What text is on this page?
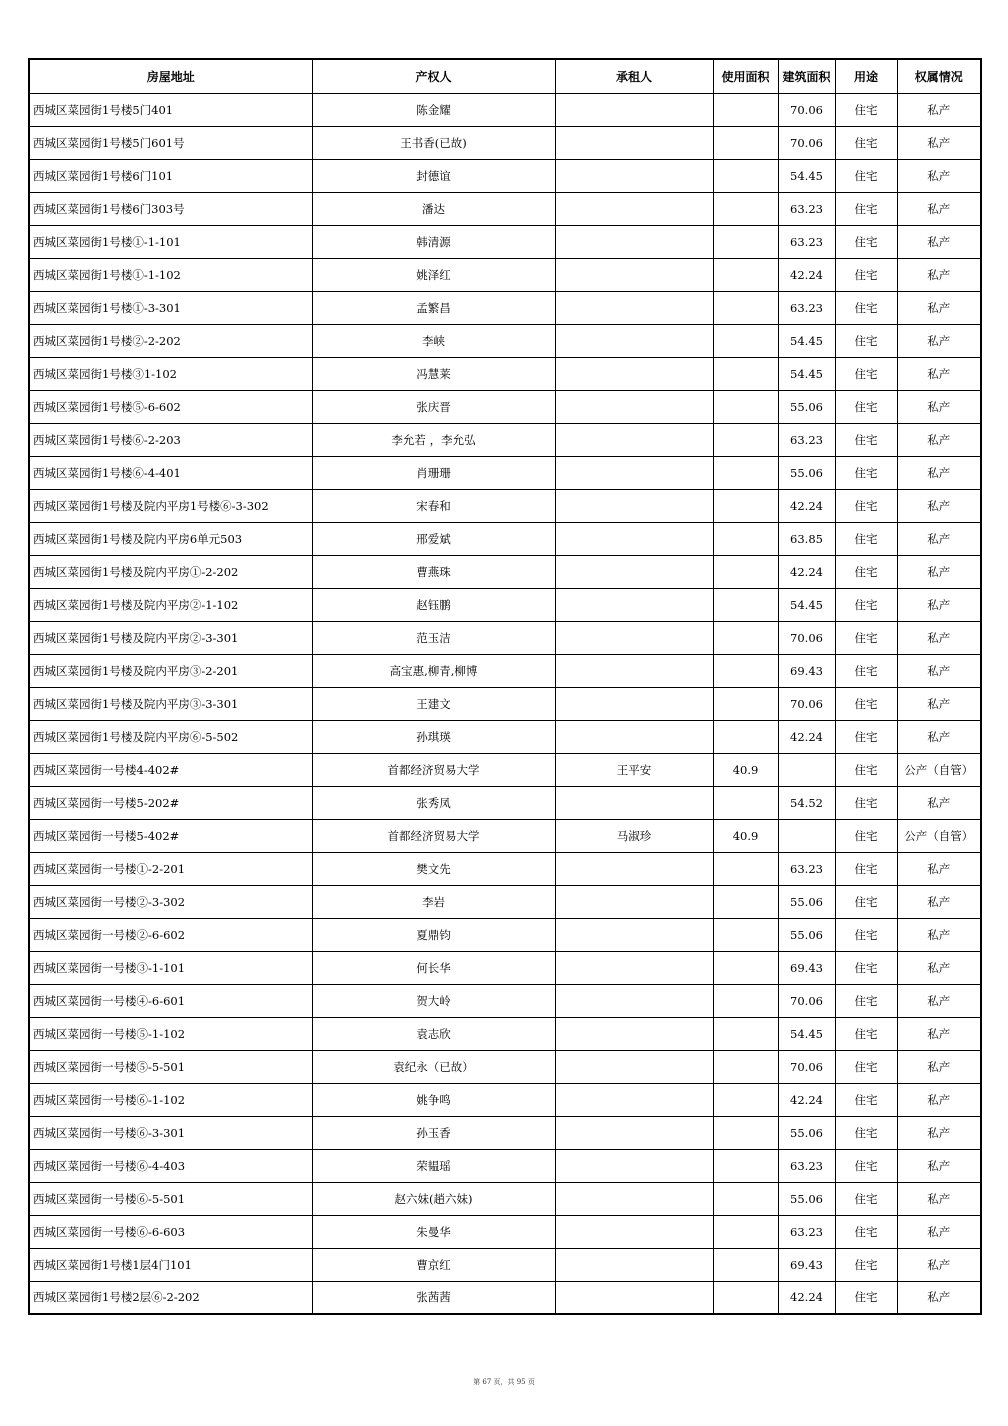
房屋地址	产权人	承租人	使用面积	建筑面积	用途	权属情况
西城区菜园街1号楼5门401	陈金耀			70.06	住宅	私产
西城区菜园街1号楼5门601号	王书香(已故)			70.06	住宅	私产
西城区菜园街1号楼6门101	封德谊			54.45	住宅	私产
西城区菜园街1号楼6门303号	潘达			63.23	住宅	私产
西城区菜园街1号楼①-1-101	韩清源			63.23	住宅	私产
西城区菜园街1号楼①-1-102	姚泽红			42.24	住宅	私产
西城区菜园街1号楼①-3-301	孟繁昌			63.23	住宅	私产
西城区菜园街1号楼②-2-202	李峡			54.45	住宅	私产
西城区菜园街1号楼③1-102	冯慧莱			54.45	住宅	私产
西城区菜园街1号楼⑤-6-602	张庆晋			55.06	住宅	私产
西城区菜园街1号楼⑥-2-203	李允若 ，李允弘			63.23	住宅	私产
西城区菜园街1号楼⑥-4-401	肖珊珊			55.06	住宅	私产
西城区菜园街1号楼及院内平房1号楼⑥-3-302	宋春和			42.24	住宅	私产
西城区菜园街1号楼及院内平房6单元503	邢爱斌			63.85	住宅	私产
西城区菜园街1号楼及院内平房①-2-202	曹燕珠			42.24	住宅	私产
西城区菜园街1号楼及院内平房②-1-102	赵钰鹏			54.45	住宅	私产
西城区菜园街1号楼及院内平房②-3-301	范玉洁			70.06	住宅	私产
西城区菜园街1号楼及院内平房③-2-201	高宝惠,柳青,柳博			69.43	住宅	私产
西城区菜园街1号楼及院内平房③-3-301	王建文			70.06	住宅	私产
西城区菜园街1号楼及院内平房⑥-5-502	孙琪瑛			42.24	住宅	私产
西城区菜园街一号楼4-402#	首都经济贸易大学	王平安	40.9		住宅	公产（自管）
西城区菜园街一号楼5-202#	张秀凤			54.52	住宅	私产
西城区菜园街一号楼5-402#	首都经济贸易大学	马淑珍	40.9		住宅	公产（自管）
西城区菜园街一号楼①-2-201	樊文先			63.23	住宅	私产
西城区菜园街一号楼②-3-302	李岩			55.06	住宅	私产
西城区菜园街一号楼②-6-602	夏鼎钧			55.06	住宅	私产
西城区菜园街一号楼③-1-101	何长华			69.43	住宅	私产
西城区菜园街一号楼④-6-601	贺大岭			70.06	住宅	私产
西城区菜园街一号楼⑤-1-102	袁志欣			54.45	住宅	私产
西城区菜园街一号楼⑤-5-501	袁纪永（已故）			70.06	住宅	私产
西城区菜园街一号楼⑥-1-102	姚争鸣			42.24	住宅	私产
西城区菜园街一号楼⑥-3-301	孙玉香			55.06	住宅	私产
西城区菜园街一号楼⑥-4-403	荣韫瑶			63.23	住宅	私产
西城区菜园街一号楼⑥-5-501	赵六妹(趙六妹)			55.06	住宅	私产
西城区菜园街一号楼⑥-6-603	朱曼华			63.23	住宅	私产
西城区菜园街1号楼1层4门101	曹京红			69.43	住宅	私产
西城区菜园街1号楼2层⑥-2-202	张茜茜			42.24	住宅	私产
第 67 页，共 95 页
